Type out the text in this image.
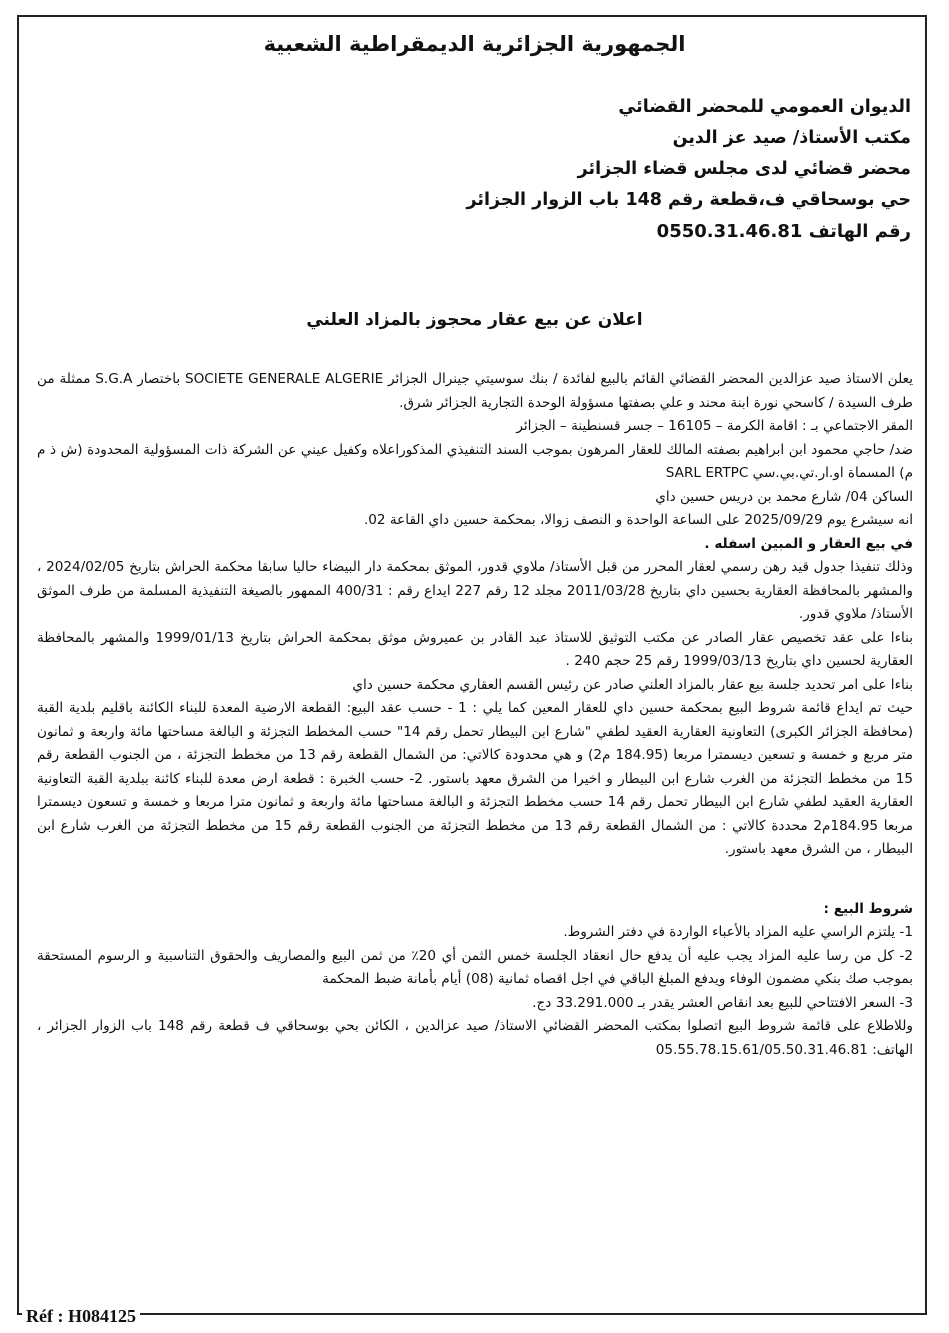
الجمهورية الجزائرية الديمقراطية الشعبية
الديوان العمومي للمحضر القضائي
مكتب الأستاذ/ صيد عز الدين
محضر قضائي لدى مجلس قضاء الجزائر
حي بوسحاقي ف،قطعة رقم 148 باب الزوار الجزائر
رقم الهاتف 0550.31.46.81
اعلان عن بيع عقار محجوز بالمزاد العلني

يعلن الاستاذ صيد عزالدين المحضر القضائي القائم بالبيع لفائدة / بنك سوسيتي جينرال الجزائر SOCIETE GENERALE ALGERIE باختصار S.G.A ممثلة من طرف السيدة / كاسحي نورة ابنة محند و علي بصفتها مسؤولة الوحدة التجارية الجزائر شرق.

المقر الاجتماعي بـ : اقامة الكرمة – 16105 – جسر قسنطينة – الجزائر

ضد/ حاجي محمود ابن ابراهيم بصفته المالك للعقار المرهون بموجب السند التنفيذي المذكوراعلاه وكفيل عيني عن الشركة ذات المسؤولية المحدودة (ش ذ م م) المسماة او.ار.تي.بي.سي SARL ERTPC

الساكن 04/ شارع محمد بن دريس حسين داي

انه سيشرع يوم 2025/09/29 على الساعة الواحدة و النصف زوالا، بمحكمة حسين داي القاعة 02.

في بيع العقار و المبين اسفله .

وذلك تنفيذا جدول قيد رهن رسمي لعقار المحرر من قبل الأستاذ/ ملاوي قدور، الموثق بمحكمة دار البيضاء حاليا سابقا محكمة الحراش بتاريخ 2024/02/05 ، والمشهر بالمحافظة العقارية بحسين داي بتاريخ 2011/03/28 مجلد 12 رقم 227 ايداع رقم : 400/31 الممهور بالصيغة التنفيذية المسلمة من طرف الموثق الأستاذ/ ملاوي قدور.

بناءا على عقد تخصيص عقار الصادر عن مكتب التوثيق للاستاذ عبد القادر بن عميروش موثق بمحكمة الحراش بتاريخ 1999/01/13 والمشهر بالمحافظة العقارية لحسين داي بتاريخ 1999/03/13 رقم 25 حجم 240 .

بناءا على امر تحديد جلسة بيع عقار بالمزاد العلني صادر عن رئيس القسم العقاري محكمة حسين داي

حيث تم ايداع قائمة شروط البيع بمحكمة حسين داي للعقار المعين كما يلي : 1 - حسب عقد البيع: القطعة الارضية المعدة للبناء الكائنة باقليم بلدية القبة (محافظة الجزائر الكبرى) التعاونية العقارية العقيد لطفي "شارع ابن البيطار تحمل رقم 14" حسب المخطط التجزئة و البالغة مساحتها مائة واربعة و ثمانون متر مربع و خمسة و تسعين ديسمترا مربعا (184.95 م2) و هي محدودة كالاتي: من الشمال القطعة رقم 13 من مخطط التجزئة ، من الجنوب القطعة رقم 15 من مخطط التجزئة من الغرب شارع ابن البيطار و اخيرا من الشرق معهد باستور. 2- حسب الخبرة : قطعة ارض معدة للبناء كائنة ببلدية القبة التعاونية العقارية العقيد لطفي شارع ابن البيطار تحمل رقم 14 حسب مخطط التجزئة و البالغة مساحتها مائة واربعة و ثمانون مترا مربعا و خمسة و تسعون ديسمترا مربعا 184.95م2 محددة كالاتي : من الشمال القطعة رقم 13 من مخطط التجزئة من الجنوب القطعة رقم 15 من مخطط التجزئة من الغرب شارع ابن البيطار ، من الشرق معهد باستور.

شروط البيع :

1- يلتزم الراسي عليه المزاد بالأعباء الواردة في دفتر الشروط.

2- كل من رسا عليه المزاد يجب عليه أن يدفع حال انعقاد الجلسة خمس الثمن أي 20٪ من ثمن البيع والمصاريف والحقوق التناسبية و الرسوم المستحقة بموجب صك بنكي مضمون الوفاء ويدفع المبلغ الباقي في اجل اقصاه ثمانية (08) أيام بأمانة ضبط المحكمة

3- السعر الافتتاحي للبيع بعد انقاص العشر يقدر بـ 33.291.000 دج.

وللاطلاع على قائمة شروط البيع اتصلوا بمكتب المحضر القضائي الاستاذ/ صيد عزالدين ، الكائن بحي بوسحاقي ف قطعة رقم 148 باب الزوار الجزائر ، الهاتف: 05.55.78.15.61/05.50.31.46.81

Réf : H084125
